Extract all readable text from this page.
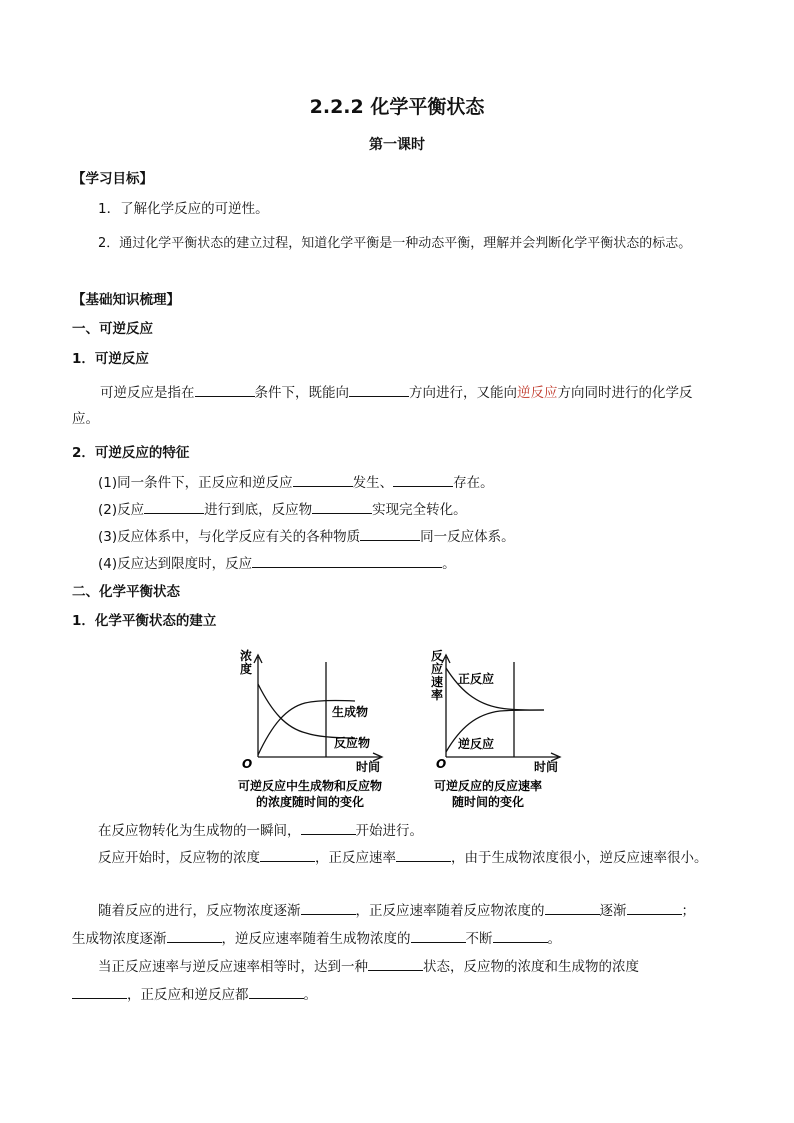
2.2.2 化学平衡状态
第一课时
【学习目标】
1．了解化学反应的可逆性。
2．通过化学平衡状态的建立过程，知道化学平衡是一种动态平衡，理解并会判断化学平衡状态的标志。
【基础知识梳理】
一、可逆反应
1．可逆反应
可逆反应是指在	条件下，既能向	方向进行，又能向逆反应方向同时进行的化学反
应。
2．可逆反应的特征
(1)同一条件下，正反应和逆反应	发生、	存在。
(2)反应	进行到底，反应物	实现完全转化。
(3)反应体系中，与化学反应有关的各种物质	同一反应体系。
(4)反应达到限度时，反应	。
二、化学平衡状态
1．化学平衡状态的建立
浓
度
O	时间
生成物
反应物
可逆反应中生成物和反应物
的浓度随时间的变化
反
应
速
率
O	时间
正反应
逆反应
可逆反应的反应速率
随时间的变化
在反应物转化为生成物的一瞬间，	开始进行。
反应开始时，反应物的浓度	，正反应速率	，由于生成物浓度很小，逆反应速率很小。
随着反应的进行，反应物浓度逐渐	，正反应速率随着反应物浓度的	逐渐	；
生成物浓度逐渐	，逆反应速率随着生成物浓度的	不断	。
当正反应速率与逆反应速率相等时，达到一种	状态，反应物的浓度和生成物的浓度
，正反应和逆反应都	。
